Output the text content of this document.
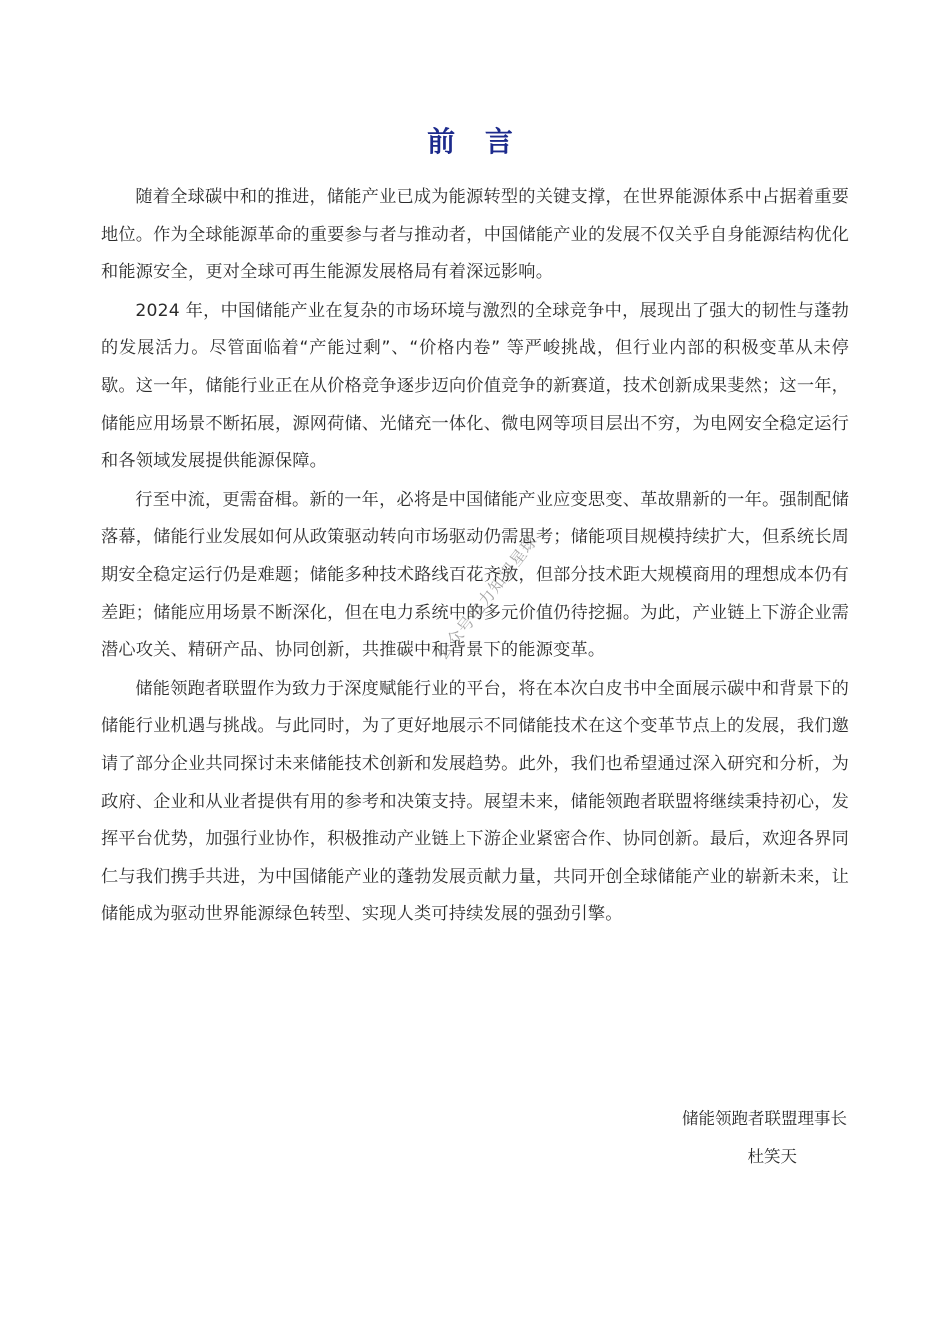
前 言

随着全球碳中和的推进，储能产业已成为能源转型的关键支撑，在世界能源体系中占据着重要地位。作为全球能源革命的重要参与者与推动者，中国储能产业的发展不仅关乎自身能源结构优化和能源安全，更对全球可再生能源发展格局有着深远影响。

2024 年，中国储能产业在复杂的市场环境与激烈的全球竞争中，展现出了强大的韧性与蓬勃的发展活力。尽管面临着“产能过剩”、“价格内卷” 等严峻挑战，但行业内部的积极变革从未停歇。这一年，储能行业正在从价格竞争逐步迈向价值竞争的新赛道，技术创新成果斐然；这一年，储能应用场景不断拓展，源网荷储、光储充一体化、微电网等项目层出不穷，为电网安全稳定运行和各领域发展提供能源保障。

行至中流，更需奋楫。新的一年，必将是中国储能产业应变思变、革故鼎新的一年。强制配储落幕，储能行业发展如何从政策驱动转向市场驱动仍需思考；储能项目规模持续扩大，但系统长周期安全稳定运行仍是难题；储能多种技术路线百花齐放，但部分技术距大规模商用的理想成本仍有差距；储能应用场景不断深化，但在电力系统中的多元价值仍待挖掘。为此，产业链上下游企业需潜心攻关、精研产品、协同创新，共推碳中和背景下的能源变革。

储能领跑者联盟作为致力于深度赋能行业的平台，将在本次白皮书中全面展示碳中和背景下的储能行业机遇与挑战。与此同时，为了更好地展示不同储能技术在这个变革节点上的发展，我们邀请了部分企业共同探讨未来储能技术创新和发展趋势。此外，我们也希望通过深入研究和分析，为政府、企业和从业者提供有用的参考和决策支持。展望未来，储能领跑者联盟将继续秉持初心，发挥平台优势，加强行业协作，积极推动产业链上下游企业紧密合作、协同创新。最后，欢迎各界同仁与我们携手共进，为中国储能产业的蓬勃发展贡献力量，共同开创全球储能产业的崭新未来，让储能成为驱动世界能源绿色转型、实现人类可持续发展的强劲引擎。

储能领跑者联盟理事长

杜笑天
公众号电力知识星球
